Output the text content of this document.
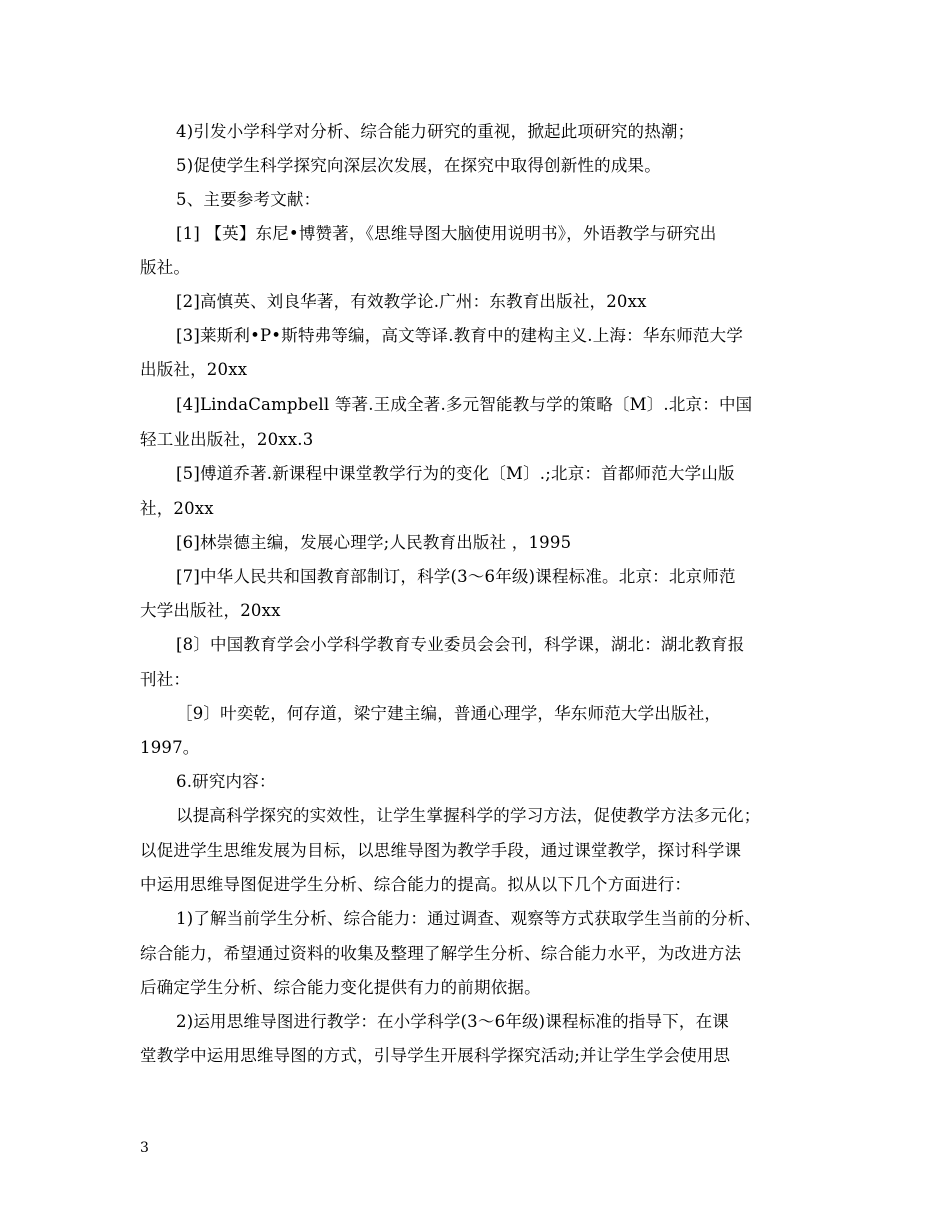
4)引发小学科学对分析、综合能力研究的重视，掀起此项研究的热潮；
5)促使学生科学探究向深层次发展，在探究中取得创新性的成果。
5、主要参考文献：
[1] 【英】东尼•博赞著，《思维导图大脑使用说明书》，外语教学与研究出
版社。
[2]高慎英、刘良华著，有效教学论.广州：东教育出版社，20xx
[3]莱斯利•P•斯特弗等编，高文等译.教育中的建构主义.上海：华东师范大学
出版社，20xx
[4]LindaCampbell 等著.王成全著.多元智能教与学的策略〔M〕.北京：中国
轻工业出版社，20xx.3
[5]傅道乔著.新课程中课堂教学行为的变化〔M〕.;北京：首都师范大学山版
社，20xx
[6]林崇德主编，发展心理学;人民教育出版社 ，1995
[7]中华人民共和国教育部制订，科学(3～6年级)课程标准。北京：北京师范
大学出版社，20xx
[8〕中国教育学会小学科学教育专业委员会会刊，科学课，湖北：湖北教育报
刊社：
［9〕叶奕乾，何存道，梁宁建主编，普通心理学，华东师范大学出版社，
1997。
6.研究内容：
以提高科学探究的实效性，让学生掌握科学的学习方法，促使教学方法多元化；
以促进学生思维发展为目标，以思维导图为教学手段，通过课堂教学，探讨科学课
中运用思维导图促进学生分析、综合能力的提高。拟从以下几个方面进行：
1)了解当前学生分析、综合能力：通过调查、观察等方式获取学生当前的分析、
综合能力，希望通过资料的收集及整理了解学生分析、综合能力水平，为改进方法
后确定学生分析、综合能力变化提供有力的前期依据。
2)运用思维导图进行教学：在小学科学(3～6年级)课程标准的指导下，在课
堂教学中运用思维导图的方式，引导学生开展科学探究活动;并让学生学会使用思
3
